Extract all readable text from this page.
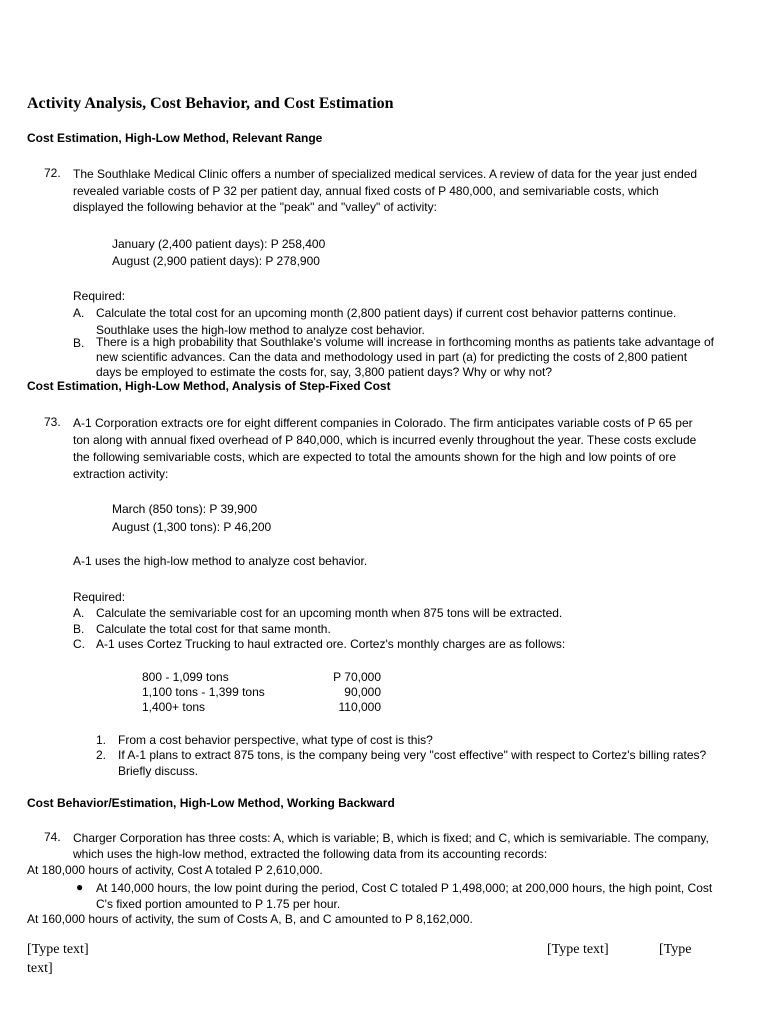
Activity Analysis, Cost Behavior, and Cost Estimation
Cost Estimation, High-Low Method, Relevant Range
72. The Southlake Medical Clinic offers a number of specialized medical services. A review of data for the year just ended
revealed variable costs of P 32 per patient day, annual fixed costs of P 480,000, and semivariable costs, which
displayed the following behavior at the "peak" and "valley" of activity:
January (2,400 patient days): P 258,400
August (2,900 patient days): P 278,900
Required:
A. Calculate the total cost for an upcoming month (2,800 patient days) if current cost behavior patterns continue.
Southlake uses the high-low method to analyze cost behavior.
B. There is a high probability that Southlake's volume will increase in forthcoming months as patients take advantage of
new scientific advances. Can the data and methodology used in part (a) for predicting the costs of 2,800 patient
days be employed to estimate the costs for, say, 3,800 patient days? Why or why not?
Cost Estimation, High-Low Method, Analysis of Step-Fixed Cost
73. A-1 Corporation extracts ore for eight different companies in Colorado. The firm anticipates variable costs of P 65 per
ton along with annual fixed overhead of P 840,000, which is incurred evenly throughout the year. These costs exclude
the following semivariable costs, which are expected to total the amounts shown for the high and low points of ore
extraction activity:
March (850 tons): P 39,900
August (1,300 tons): P 46,200
A-1 uses the high-low method to analyze cost behavior.
Required:
A. Calculate the semivariable cost for an upcoming month when 875 tons will be extracted.
B. Calculate the total cost for that same month.
C. A-1 uses Cortez Trucking to haul extracted ore. Cortez's monthly charges are as follows:
800 - 1,099 tons	P 70,000
1,100 tons - 1,399 tons	90,000
1,400+ tons	110,000
1. From a cost behavior perspective, what type of cost is this?
2. If A-1 plans to extract 875 tons, is the company being very "cost effective" with respect to Cortez's billing rates?
Briefly discuss.
Cost Behavior/Estimation, High-Low Method, Working Backward
74. Charger Corporation has three costs: A, which is variable; B, which is fixed; and C, which is semivariable. The company,
which uses the high-low method, extracted the following data from its accounting records:
At 180,000 hours of activity, Cost A totaled P 2,610,000.
● At 140,000 hours, the low point during the period, Cost C totaled P 1,498,000; at 200,000 hours, the high point, Cost
C's fixed portion amounted to P 1.75 per hour.
At 160,000 hours of activity, the sum of Costs A, B, and C amounted to P 8,162,000.
[Type text]
text]
[Type text]	[Type
